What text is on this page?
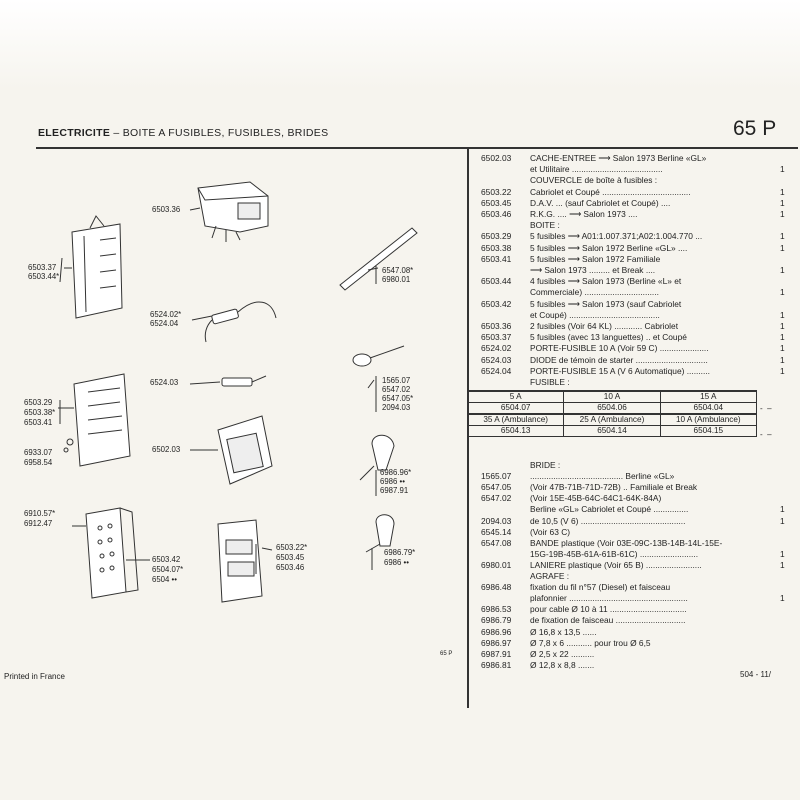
ELECTRICITE – BOITE A FUSIBLES, FUSIBLES, BRIDES	65 P
6503.36
6503.37
6503.44*
6524.02*
6524.04
6547.08*
6980.01
6524.03	1565.07
6547.02
6547.05*
2094.03
6503.29
6503.38*
6503.41
6502.03
6933.07
6958.54
6986.96*
6986 ••
6987.91
6910.57*
6912.47
6503.42
6504.07*
6504 ••
6503.22*
6503.45
6503.46
6986.79*
6986 ••
6502.03 CACHE-ENTREE ⟶ Salon 1973 Berline «GL»
et Utilitaire .......................................	1
COUVERCLE de boîte à fusibles :
6503.22 Cabriolet et Coupé ......................................	1
6503.45 D.A.V. ... (sauf Cabriolet et Coupé) ....	1
6503.46 R.K.G. .... ⟶ Salon 1973 ....	1
BOITE :
6503.29 5 fusibles ⟶ A01:1.007.371;A02:1.004.770 ...	1
6503.38 5 fusibles ⟶ Salon 1972 Berline «GL» ....	1
6503.41 5 fusibles ⟶ Salon 1972 Familiale
⟶ Salon 1973 ......... et Break ....	1
6503.44 4 fusibles ⟶ Salon 1973 (Berline «L» et
Commerciale) ................................	1
6503.42 5 fusibles ⟶ Salon 1973 (sauf Cabriolet
et Coupé) .......................................	1
6503.36 2 fusibles (Voir 64 KL) ............ Cabriolet	1
6503.37 5 fusibles (avec 13 languettes) .. et Coupé	1
6524.02 PORTE-FUSIBLE 10 A (Voir 59 C) .....................	1
6524.03 DIODE de témoin de starter ...............................	1
6524.04 PORTE-FUSIBLE 15 A (V 6 Automatique) ..........	1
FUSIBLE :
5 A	10 A	15 A
6504.07	6504.06	6504.04
35 A (Ambulance)	25 A (Ambulance)	10 A (Ambulance)
6504.13	6504.14	6504.15
-  –
-  –
BRIDE :
1565.07 ........................................ Berline «GL»
6547.05 (Voir 47B-71B-71D-72B) .. Familiale et Break
6547.02 (Voir 15E-45B-64C-64C1-64K-84A)
Berline «GL» Cabriolet et Coupé ...............	1
2094.03 de 10,5 (V 6) .............................................	1
6545.14 (Voir 63 C)
6547.08 BANDE plastique (Voir 03E-09C-13B-14B-14L-15E-
15G-19B-45B-61A-61B-61C) .........................	1
6980.01 LANIERE plastique (Voir 65 B) ........................	1
AGRAFE :
6986.48 fixation du fil n°57 (Diesel) et faisceau
plafonnier ...................................................	1
6986.53 pour cable Ø 10 à 11 .................................
6986.79 de fixation de faisceau ..............................
6986.96 Ø 16,8 x 13,5 ......
6986.97 Ø 7,8 x 6 ........... pour trou Ø 6,5
6987.91 Ø 2,5 x 22 ..........
6986.81 Ø 12,8 x 8,8 .......
Printed in France
65 P
504 - 11/
